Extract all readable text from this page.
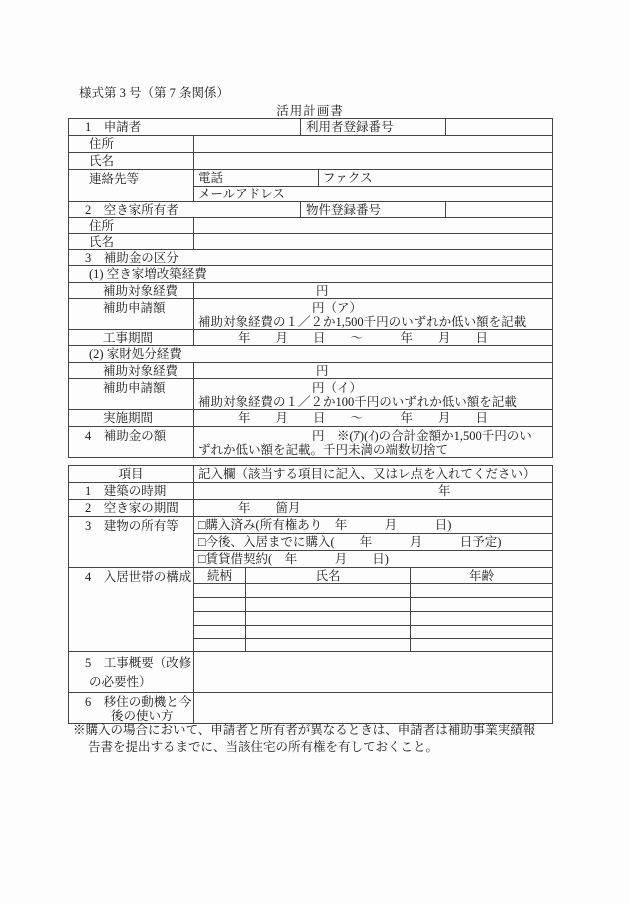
様式第 3 号（第 7 条関係）
活用計画書
1　申請者		利用者登録番号		
住所				
氏名				
連絡先等	電話		ファクス	
	メールアドレス			
2　空き家所有者		物件登録番号		
住所				
氏名				
3　補助金の区分				
(1) 空き家増改築経費				
補助対象経費	円			
補助申請額	円（ア）
補助対象経費の１／２か1,500千円のいずれか低い額を記載			

工事期間	年　　月　　日　　～　　　年　　月　　日			
(2) 家財処分経費				
補助対象経費	円			
補助申請額	円（イ）
補助対象経費の１／２か100千円のいずれか低い額を記載			

実施期間	年　　月　　日　　～　　　年　　月　　日			
4　補助金の額	円　※(ｱ)(ｲ)の合計金額か1,500千円のい
ずれか低い額を記載。千円未満の端数切捨て			
項目	記入欄（該当する項目に記入、又はレ点を入れてください）		
1　建築の時期	年		
2　空き家の期間	年　　箇月		
3　建物の所有等	□購入済み(所有権あり　年　　　月　　　日)		
	□今後、入居までに購入(　　年　　　月　　　日予定)		
	□賃貸借契約(　年　　　月　　日)		
4　入居世帯の構成	続柄	氏名	年齢

5　工事概要（改修
の必要性）			

6　移住の動機と今
後の使い方			

※購入の場合において、申請者と所有者が異なるときは、申請者は補助事業実績報
告書を提出するまでに、当該住宅の所有権を有しておくこと。
